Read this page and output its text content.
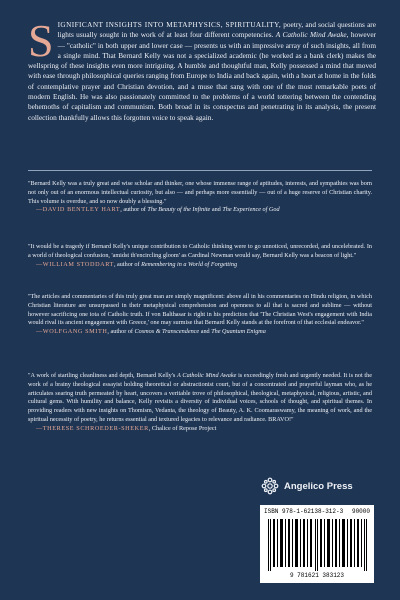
SIGNIFICANT INSIGHTS INTO METAPHYSICS, SPIRITUALITY, poetry, and social questions are lights usually sought in the work of at least four different competencies. A Catholic Mind Awake, however — "catholic" in both upper and lower case — presents us with an impressive array of such insights, all from a single mind. That Bernard Kelly was not a specialized academic (he worked as a bank clerk) makes the wellspring of these insights even more intriguing. A humble and thoughtful man, Kelly possessed a mind that moved with ease through philosophical queries ranging from Europe to India and back again, with a heart at home in the folds of contemplative prayer and Christian devotion, and a muse that sang with one of the most remarkable poets of modern English. He was also passionately committed to the problems of a world tottering between the contending behemoths of capitalism and communism. Both broad in its conspectus and penetrating in its analysis, the present collection thankfully allows this forgotten voice to speak again.
"Bernard Kelly was a truly great and wise scholar and thinker, one whose immense range of aptitudes, interests, and sympathies was born not only out of an enormous intellectual curiosity, but also — and perhaps more essentially — out of a huge reserve of Christian charity. This volume is overdue, and so now doubly a blessing."
—DAVID BENTLEY HART, author of The Beauty of the Infinite and The Experience of God
"It would be a tragedy if Bernard Kelly's unique contribution to Catholic thinking were to go unnoticed, unrecorded, and uncelebrated. In a world of theological confusion, 'amidst th'encircling gloom' as Cardinal Newman would say, Bernard Kelly was a beacon of light."
—WILLIAM STODDART, author of Remembering in a World of Forgetting
"The articles and commentaries of this truly great man are simply magnificent: above all in his commentaries on Hindu religion, in which Christian literature are unsurpassed in their metaphysical comprehension and openness to all that is sacred and sublime — without however sacrificing one iota of Catholic truth. If von Balthasar is right in his prediction that 'The Christian West's engagement with India would rival its ancient engagement with Greece,' one may surmise that Bernard Kelly stands at the forefront of that ecclesial endeavor."
—WOLFGANG SMITH, author of Cosmos & Transcendence and The Quantum Enigma
"A work of startling cleanliness and depth, Bernard Kelly's A Catholic Mind Awake is exceedingly fresh and urgently needed. It is not the work of a brainy theological essayist holding theoretical or abstractionist court, but of a concentrated and prayerful layman who, as he articulates searing truth permeated by heart, uncovers a veritable trove of philosophical, theological, metaphysical, religious, artistic, and cultural gems. With humility and balance, Kelly revisits a diversity of individual voices, schools of thought, and spiritual themes. In providing readers with new insights on Thomism, Vedanta, the theology of Beauty, A. K. Coomaraswamy, the meaning of work, and the spiritual necessity of poetry, he returns essential and textured legacies to relevance and radiance. BRAVO!"
—THERESE SCHROEDER-SHEKER, Chalice of Repose Project
Angelico Press
ISBN 978-1-62138-312-3 90000
9 781621 383123
